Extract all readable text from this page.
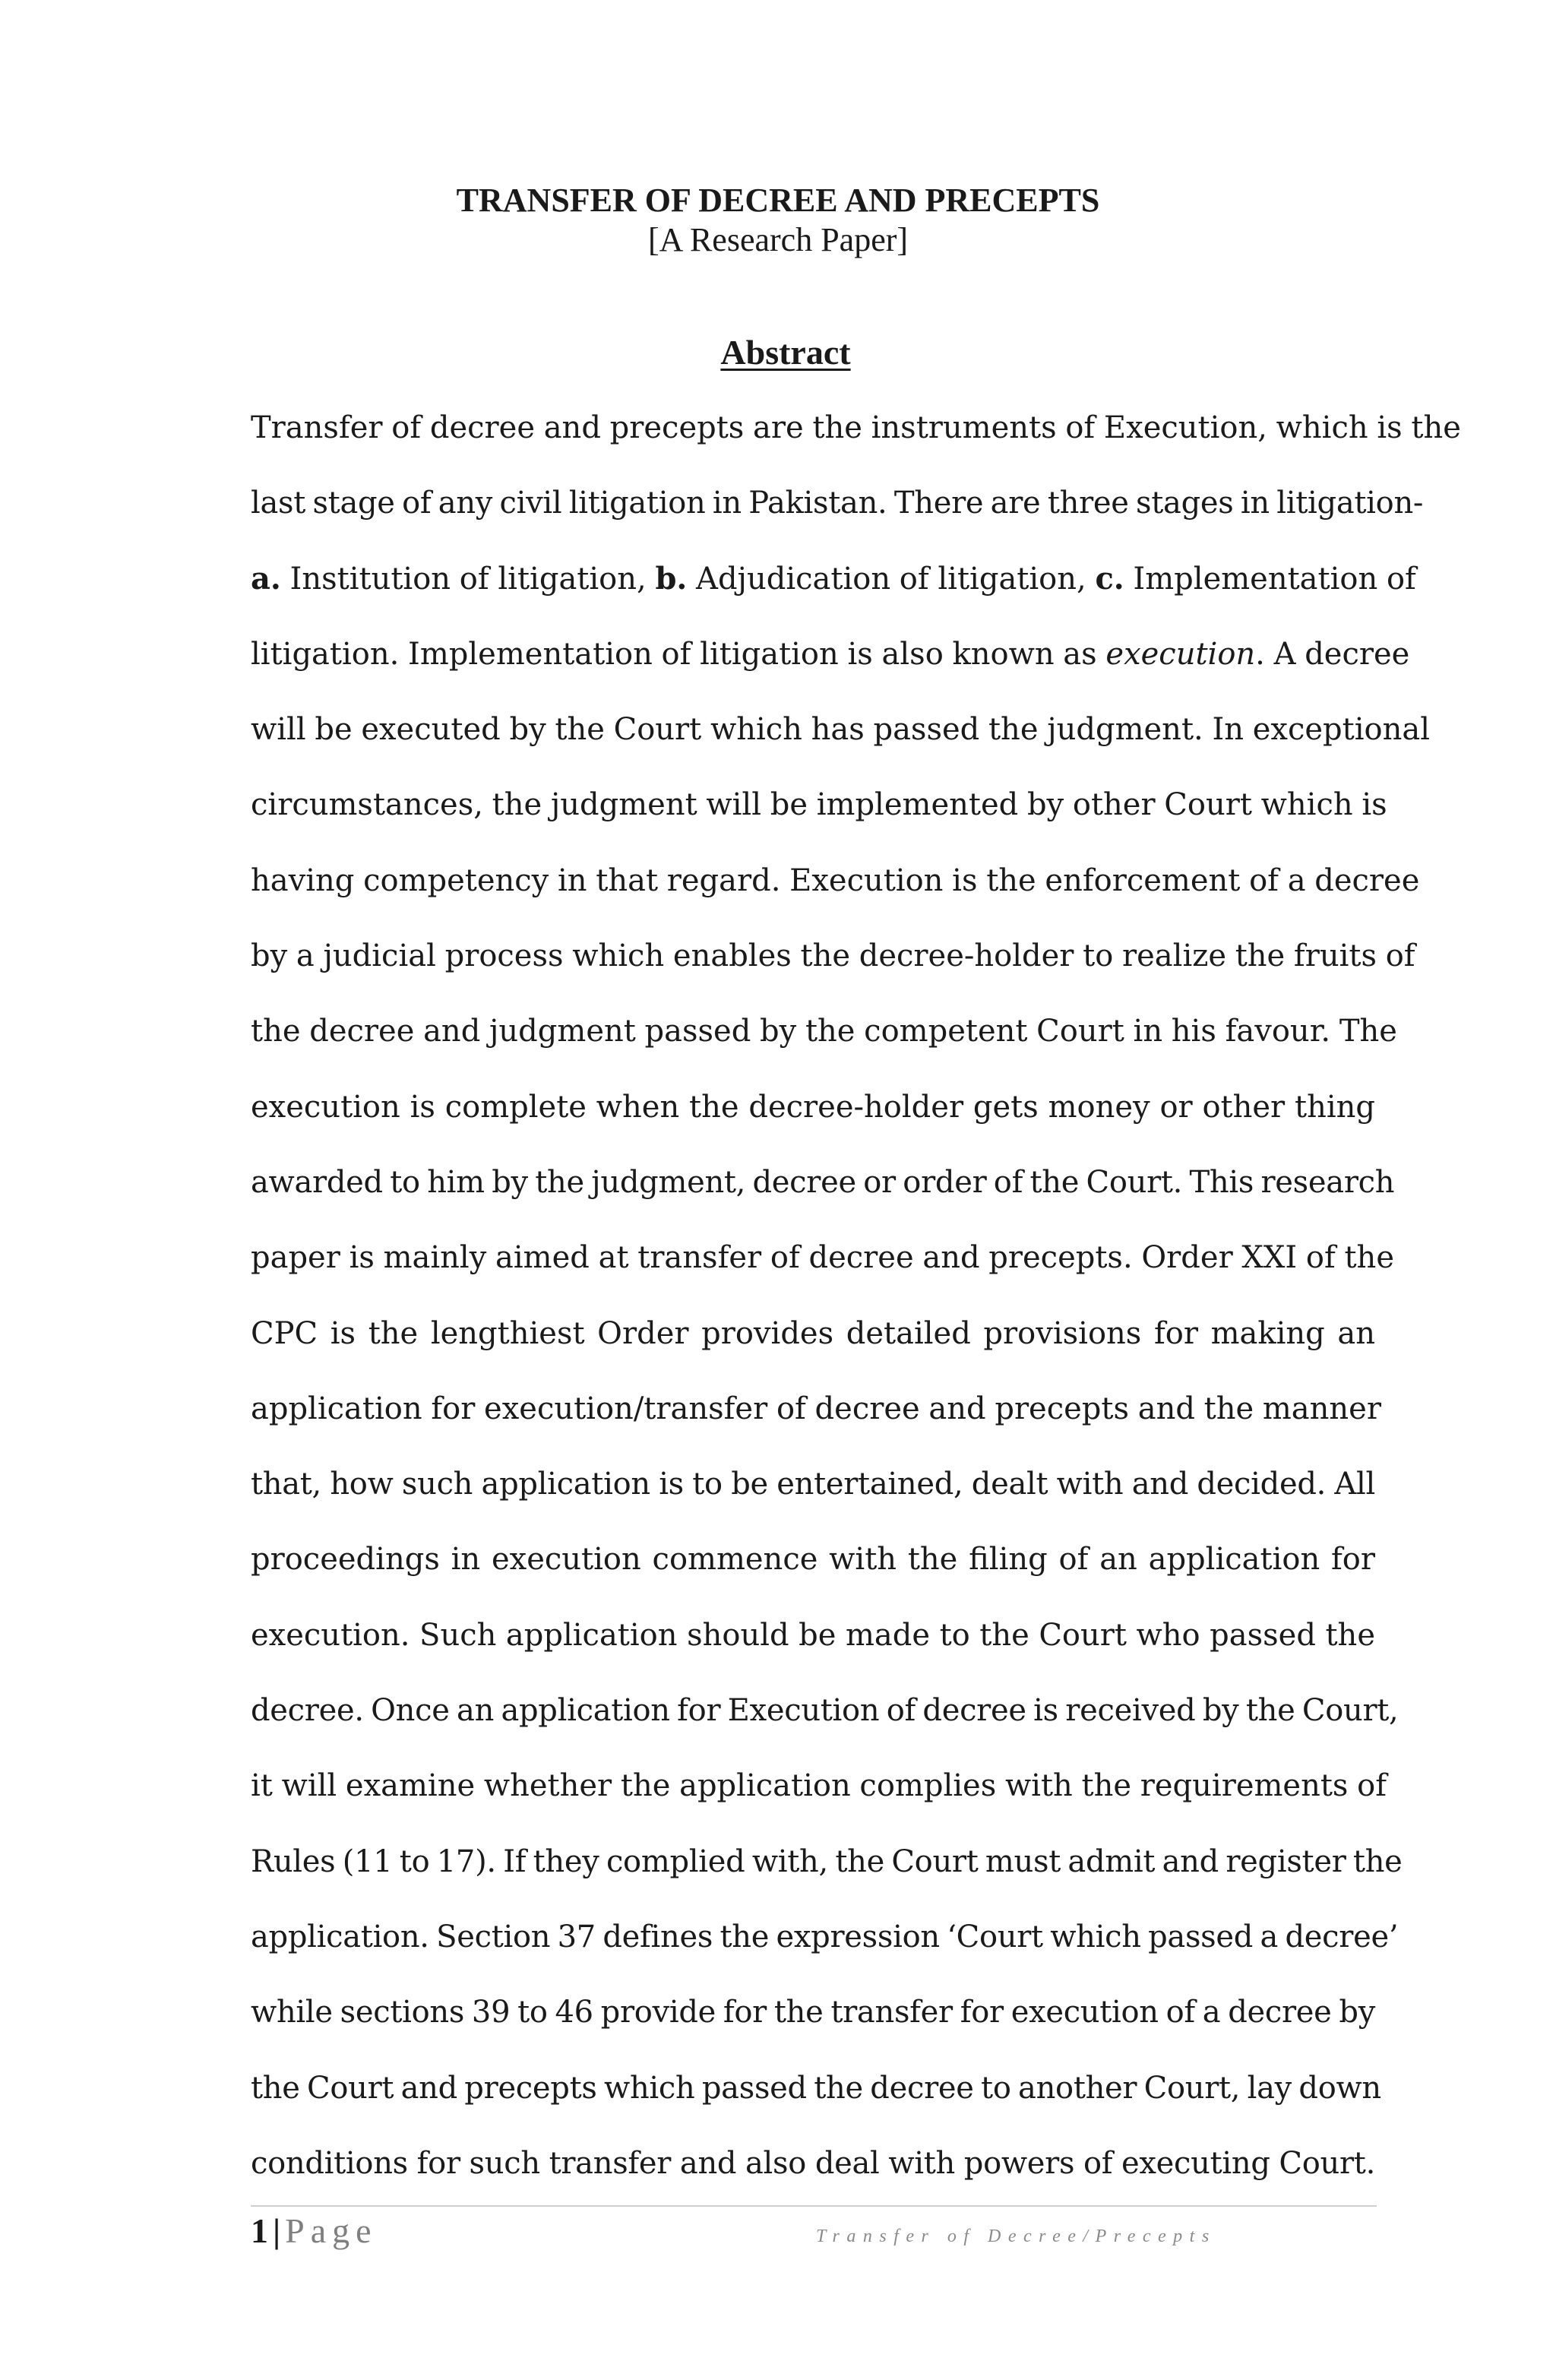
TRANSFER OF DECREE AND PRECEPTS
[A Research Paper]
Abstract
Transfer of decree and precepts are the instruments of Execution, which is the
last stage of any civil litigation in Pakistan. There are three stages in litigation-
a. Institution of litigation, b. Adjudication of litigation, c. Implementation of
litigation. Implementation of litigation is also known as execution. A decree
will be executed by the Court which has passed the judgment. In exceptional
circumstances, the judgment will be implemented by other Court which is
having competency in that regard. Execution is the enforcement of a decree
by a judicial process which enables the decree-holder to realize the fruits of
the decree and judgment passed by the competent Court in his favour. The
execution is complete when the decree-holder gets money or other thing
awarded to him by the judgment, decree or order of the Court. This research
paper is mainly aimed at transfer of decree and precepts. Order XXI of the
CPC is the lengthiest Order provides detailed provisions for making an
application for execution/transfer of decree and precepts and the manner
that, how such application is to be entertained, dealt with and decided. All
proceedings in execution commence with the filing of an application for
execution. Such application should be made to the Court who passed the
decree. Once an application for Execution of decree is received by the Court,
it will examine whether the application complies with the requirements of
Rules (11 to 17). If they complied with, the Court must admit and register the
application. Section 37 defines the expression ‘Court which passed a decree’
while sections 39 to 46 provide for the transfer for execution of a decree by
the Court and precepts which passed the decree to another Court, lay down
conditions for such transfer and also deal with powers of executing Court.
1 | Page	Transfer of Decree/Precepts
